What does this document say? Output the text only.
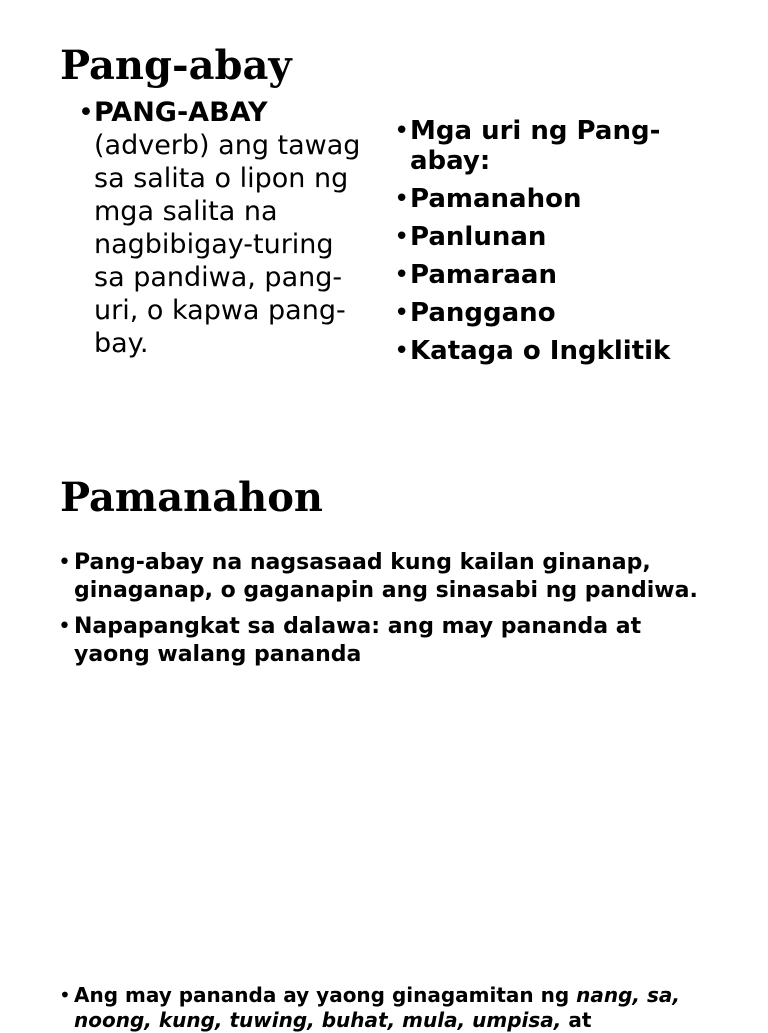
Pang-abay
• PANG-ABAY (adverb) ang tawag sa salita o lipon ng mga salita na nagbibigay-turing sa pandiwa, pang-uri, o kapwa pang-bay.
• Mga uri ng Pang-abay:
• Pamanahon
• Panlunan
• Pamaraan
• Panggano
• Kataga o Ingklitik
Pamanahon
• Pang-abay na nagsasaad kung kailan ginanap, ginaganap, o gaganapin ang sinasabi ng pandiwa.
• Napapangkat sa dalawa: ang may pananda at yaong walang pananda
• Ang may pananda ay yaong ginagamitan ng nang, sa, noong, kung, tuwing, buhat, mula, umpisa, at
